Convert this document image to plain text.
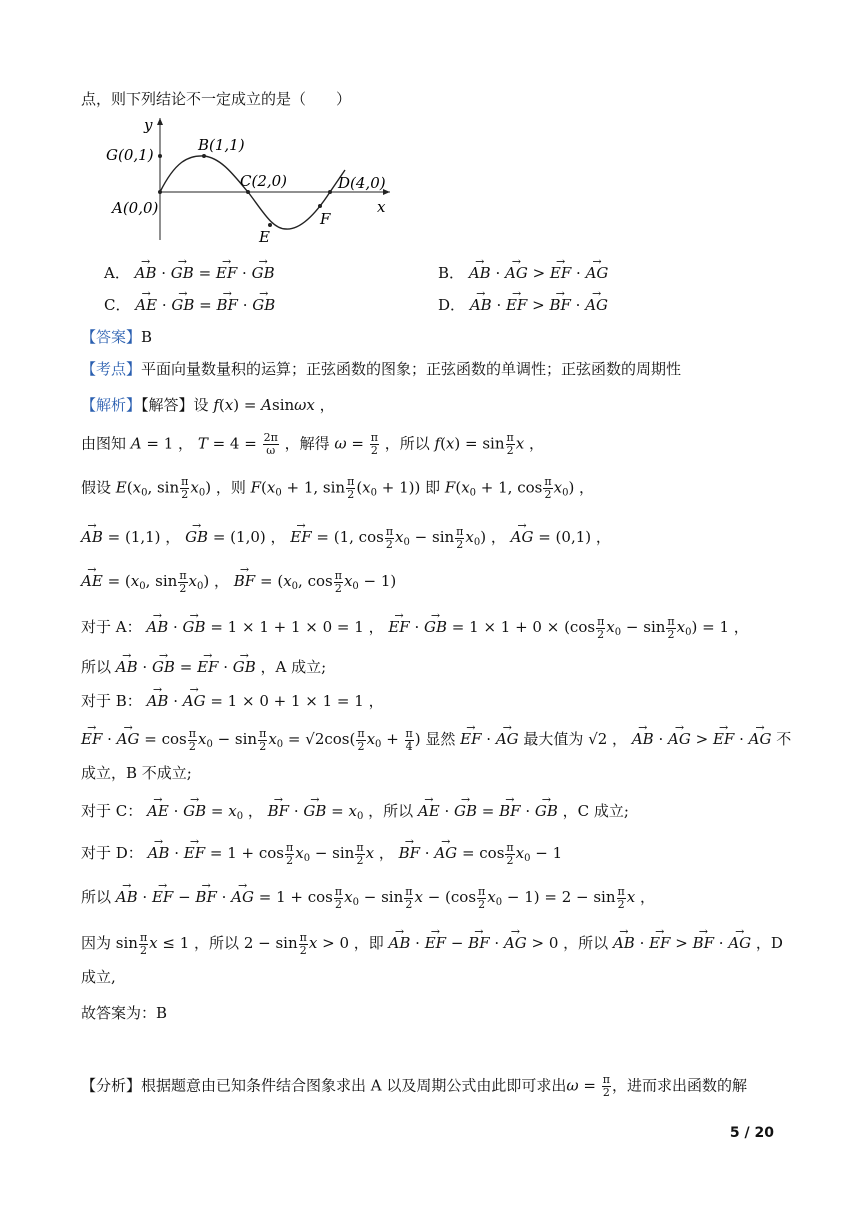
点，则下列结论不一定成立的是（　　）
y
x
G(0,1)
B(1,1)
C(2,0)	D(4,0)
A(0,0)
E
F
A． → AB · → GB = → EF · → GB	B． → AB · → AG > → EF · → AG
C． → AE · → GB = → BF · → GB	D． → AB · → EF > → BF · → AG
【答案】B
【考点】平面向量数量积的运算；正弦函数的图象；正弦函数的单调性；正弦函数的周期性
【解析】【解答】设 f(x) = Asinωx ，
由图知 A = 1 ， $T = 4 = \frac{2\pi}{\omega}$ ，解得 $\omega = \frac{\pi}{2}$ ，所以 $f(x) = \sin \frac{\pi}{2}$ x ，
假设 $E(x_0$, $\sin \frac{\pi}{2} x_0$) ，则 $F(x_0 + 1$, $\sin \frac{\pi}{2} (x_0 + 1)$) 即 $F(x_0 + 1$, $\cos \frac{\pi}{2} x_0$) ，
→ AB = (1,1) ， → GB = (1,0) ， → EF = (1, $\cos \frac{\pi}{2} x_0 - \sin \frac{\pi}{2} x_0$) ， → AG = (0,1) ，
→ AE = ($x_0$, $\sin \frac{\pi}{2} x_0$) ， → BF = ($x_0$, $\cos \frac{\pi}{2} x_0 - 1$)
对于 A： → AB · → GB = 1 × 1 + 1 × 0 = 1 ， → EF · → GB = $1 \times 1 + 0 \times (\cos \frac{\pi}{2} x_0 - \sin \frac{\pi}{2} x_0) = 1$ ，
所以 → AB · → GB = → EF · → GB ，A 成立;
对于 B： → AB · → AG = 1 × 0 + 1 × 1 = 1 ，
→ EF · → AG = $\cos \frac{\pi}{2} x_0 - \sin \frac{\pi}{2} x_0 = √2\cos( \frac{\pi}{2} x_0 + \frac{\pi}{4}$ ) 显然 → EF · → AG 最大值为 √2 ， → AB · → AG > → EF · → AG 不
成立，B 不成立;
对于 C： → AE · → GB = $x_0$ ， → BF · → GB = $x_0$ ，所以 → AE · → GB = → BF · → GB ，C 成立;
对于 D： → AB · → EF = $1 + \cos \frac{\pi}{2} x_0 - \sin \frac{\pi}{2}$ x ， → BF · → AG = $\cos \frac{\pi}{2} x_0 - 1$
所以 → AB · → EF − → BF · → AG = $1 + \cos \frac{\pi}{2} x_0 - \sin \frac{\pi}{2}$ $x - (\cos \frac{\pi}{2} x_0 - 1) = 2 - \sin \frac{\pi}{2}$ x ，
因为 $\sin \frac{\pi}{2}$ x ≤ 1 ，所以 $2 - \sin \frac{\pi}{2}$ x > 0 ，即 → AB · → EF − → BF · → AG > 0 ，所以 → AB · → EF > → BF · → AG ，D
成立,
故答案为：B
【分析】根据题意由已知条件结合图象求出 A 以及周期公式由此即可求出$\omega = \frac{\pi}{2}$ ，进而求出函数的解
5 / 20
